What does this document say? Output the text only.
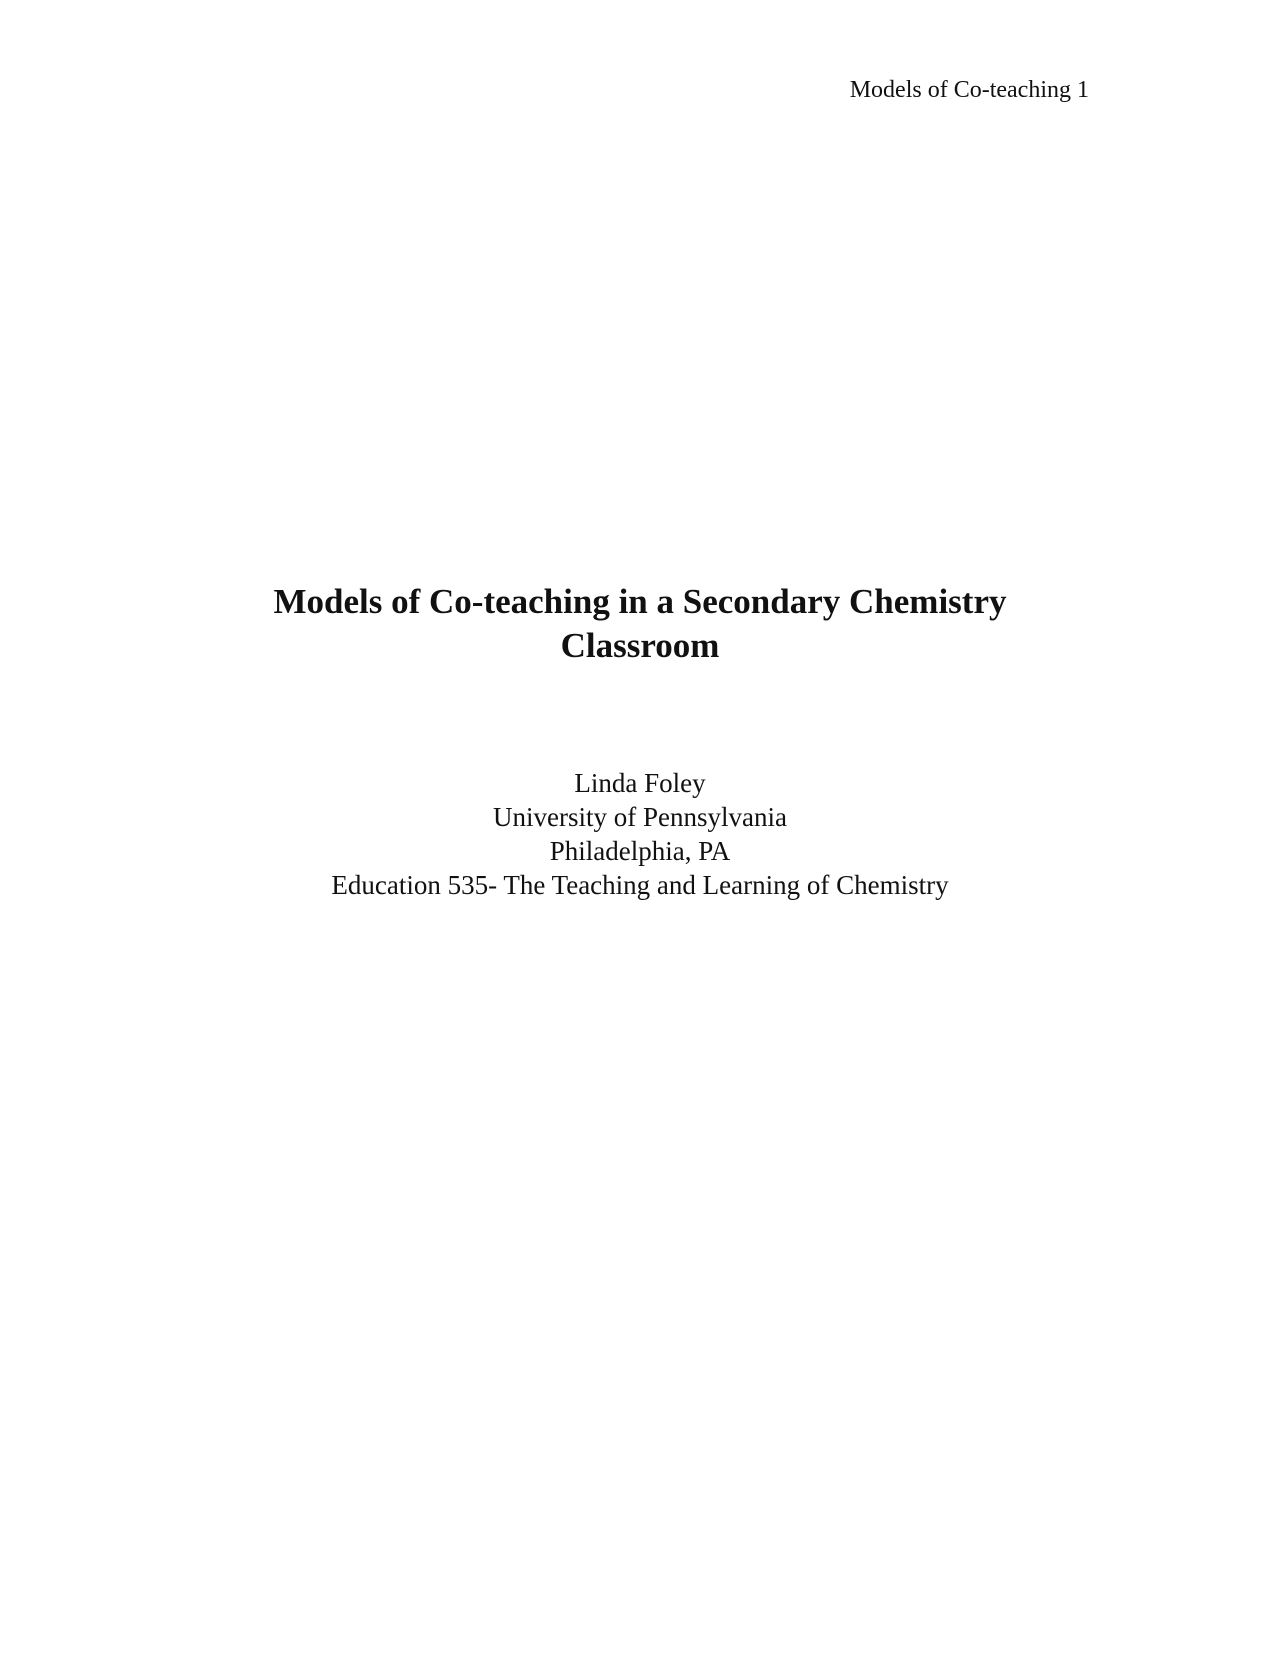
Models of Co-teaching 1
Models of Co-teaching in a Secondary Chemistry
Classroom
Linda Foley
University of Pennsylvania
Philadelphia, PA
Education 535- The Teaching and Learning of Chemistry
